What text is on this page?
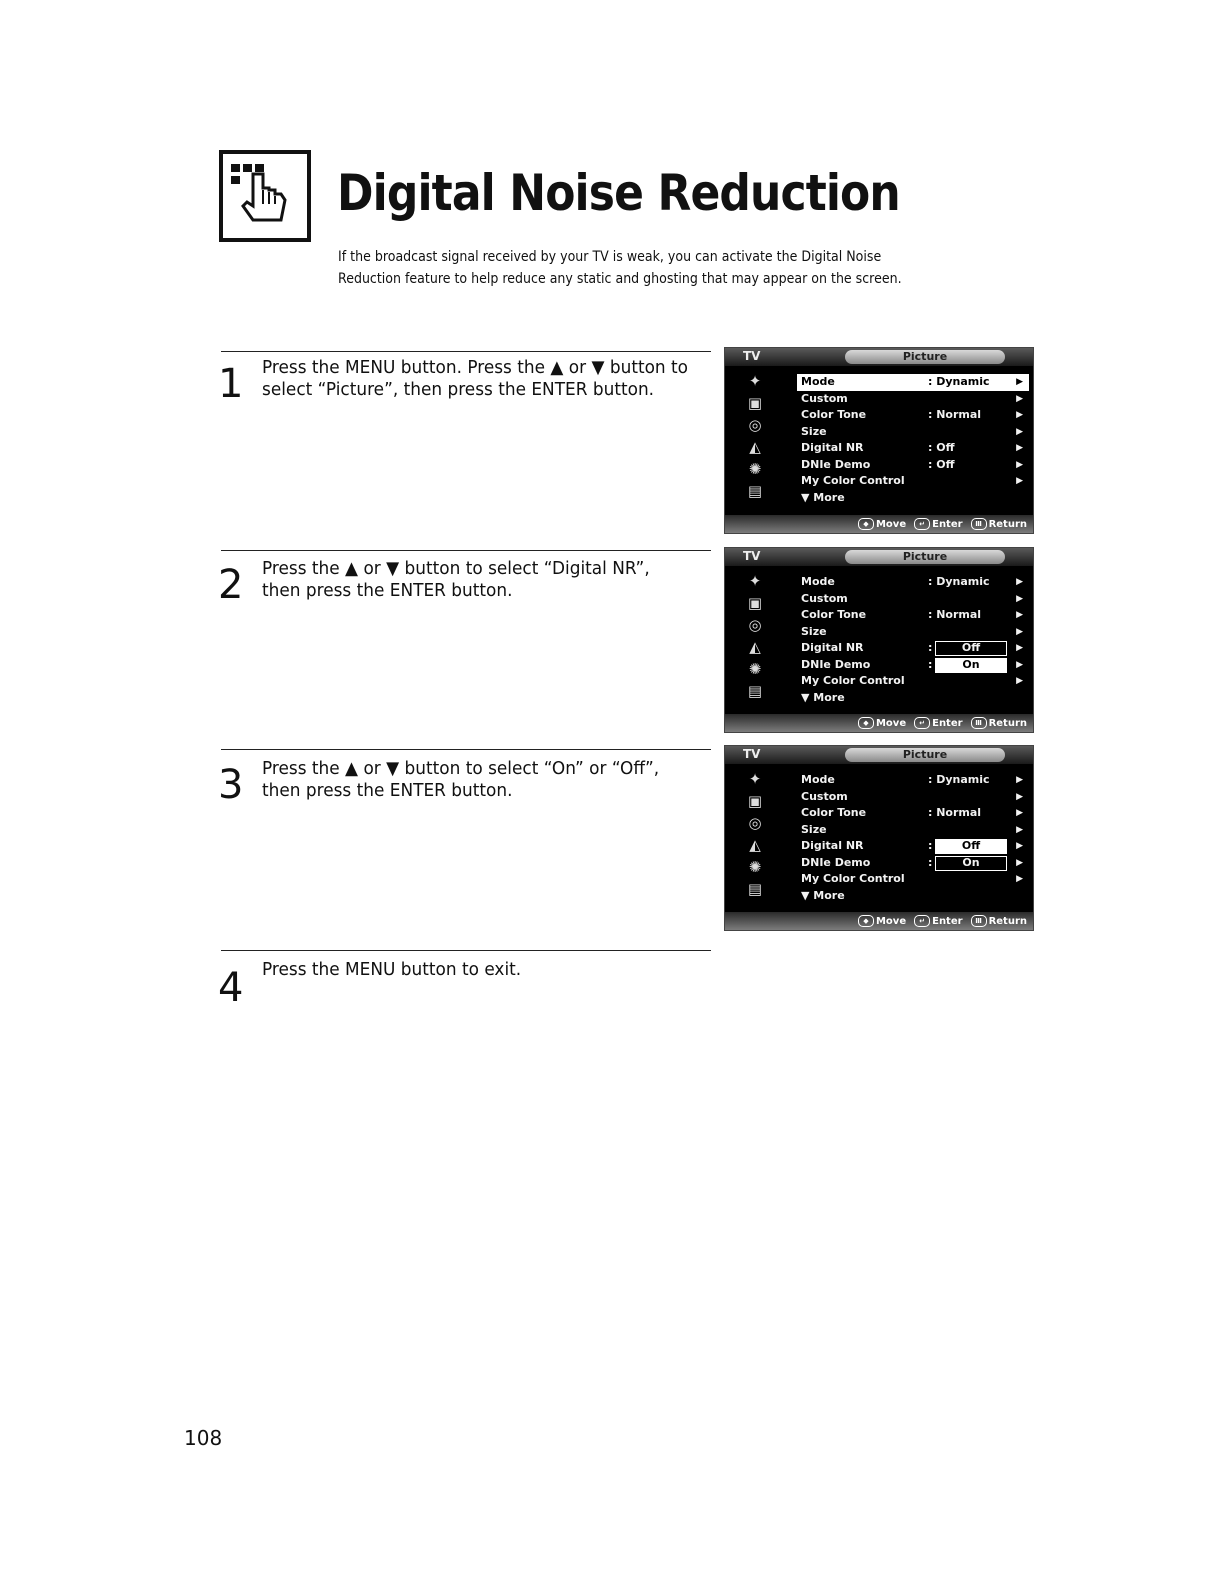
Digital Noise Reduction

If the broadcast signal received by your TV is weak, you can activate the Digital Noise Reduction feature to help reduce any static and ghosting that may appear on the screen.

1 Press the MENU button. Press the ▲ or ▼ button to select “Picture”, then press the ENTER button.

2 Press the ▲ or ▼ button to select “Digital NR”, then press the ENTER button.

3 Press the ▲ or ▼ button to select “On” or “Off”, then press the ENTER button.

4 Press the MENU button to exit.

TV	Picture
✦
▣
◎
◭
✺
▤
Mode	: Dynamic	▶
Custom	▶
Color Tone	: Normal	▶
Size	▶
Digital NR	: Off	▶
DNIe Demo	: Off	▶
My Color Control	▶
▼ More
◆ Move	↵ Enter	Ⅲ Return
TV	Picture
✦
▣
◎
◭
✺
▤
Mode	: Dynamic	▶
Custom	▶
Color Tone	: Normal	▶
Size	▶
Digital NR	:	Off	▶
DNIe Demo	:	On	▶
My Color Control	▶
▼ More
◆ Move	↵ Enter	Ⅲ Return
TV	Picture
✦
▣
◎
◭
✺
▤
Mode	: Dynamic	▶
Custom	▶
Color Tone	: Normal	▶
Size	▶
Digital NR	:	Off	▶
DNIe Demo	:	On	▶
My Color Control	▶
▼ More
◆ Move	↵ Enter	Ⅲ Return

108
